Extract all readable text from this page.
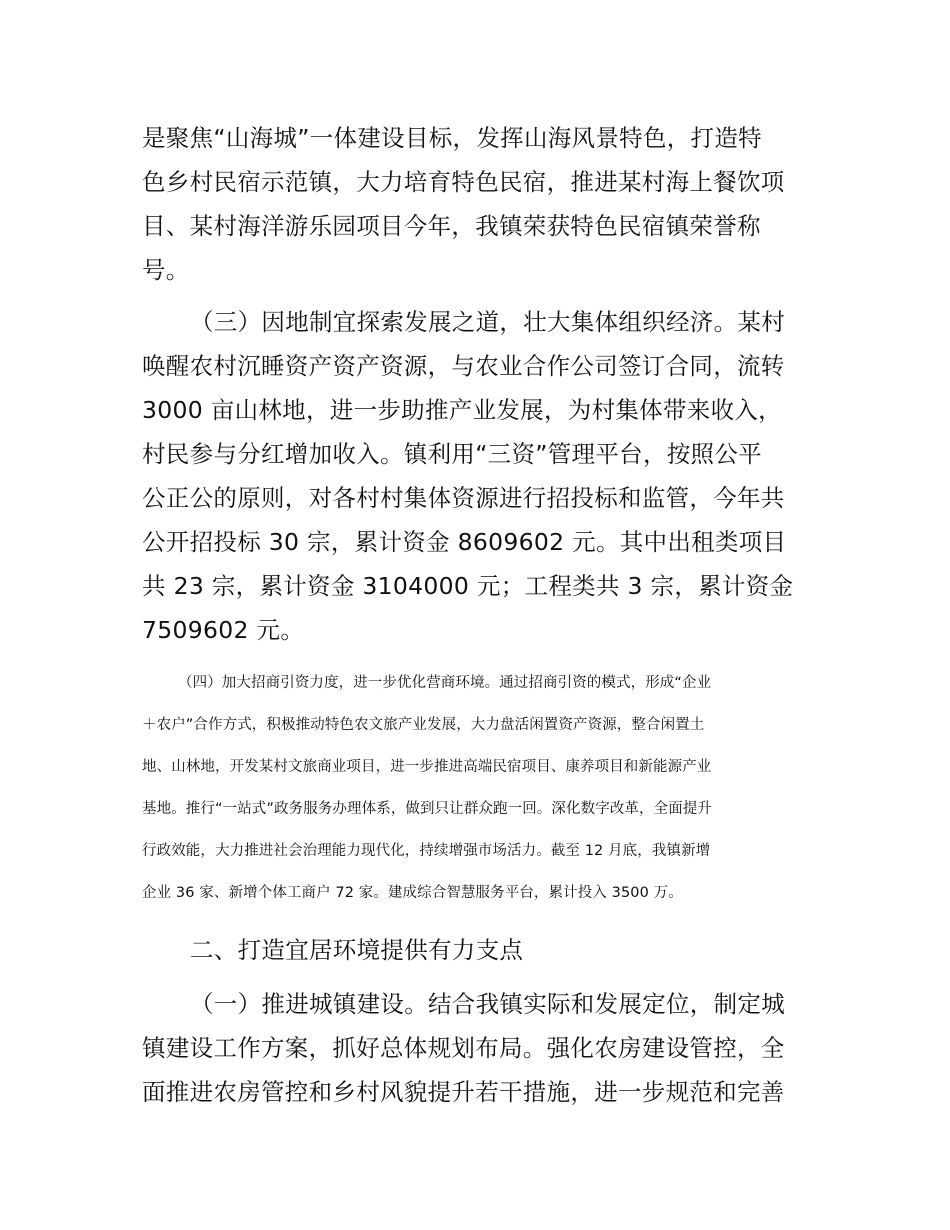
是聚焦“山海城”一体建设目标，发挥山海风景特色，打造特

色乡村民宿示范镇，大力培育特色民宿，推进某村海上餐饮项

目、某村海洋游乐园项目今年，我镇荣获特色民宿镇荣誉称

号。

（三）因地制宜探索发展之道，壮大集体组织经济。某村

唤醒农村沉睡资产资产资源，与农业合作公司签订合同，流转

3000 亩山林地，进一步助推产业发展，为村集体带来收入，

村民参与分红增加收入。镇利用“三资”管理平台，按照公平

公正公的原则，对各村村集体资源进行招投标和监管，今年共

公开招投标 30 宗，累计资金 8609602 元。其中出租类项目

共 23 宗，累计资金 3104000 元；工程类共 3 宗，累计资金

7509602 元。

（四）加大招商引资力度，进一步优化营商环境。通过招商引资的模式，形成“企业

＋农户”合作方式，积极推动特色农文旅产业发展，大力盘活闲置资产资源，整合闲置土

地、山林地，开发某村文旅商业项目，进一步推进高端民宿项目、康养项目和新能源产业

基地。推行“一站式”政务服务办理体系，做到只让群众跑一回。深化数字改革，全面提升

行政效能，大力推进社会治理能力现代化，持续增强市场活力。截至 12 月底，我镇新增

企业 36 家、新增个体工商户 72 家。建成综合智慧服务平台，累计投入 3500 万。

二、打造宜居环境提供有力支点

（一）推进城镇建设。结合我镇实际和发展定位，制定城

镇建设工作方案，抓好总体规划布局。强化农房建设管控，全

面推进农房管控和乡村风貌提升若干措施，进一步规范和完善
